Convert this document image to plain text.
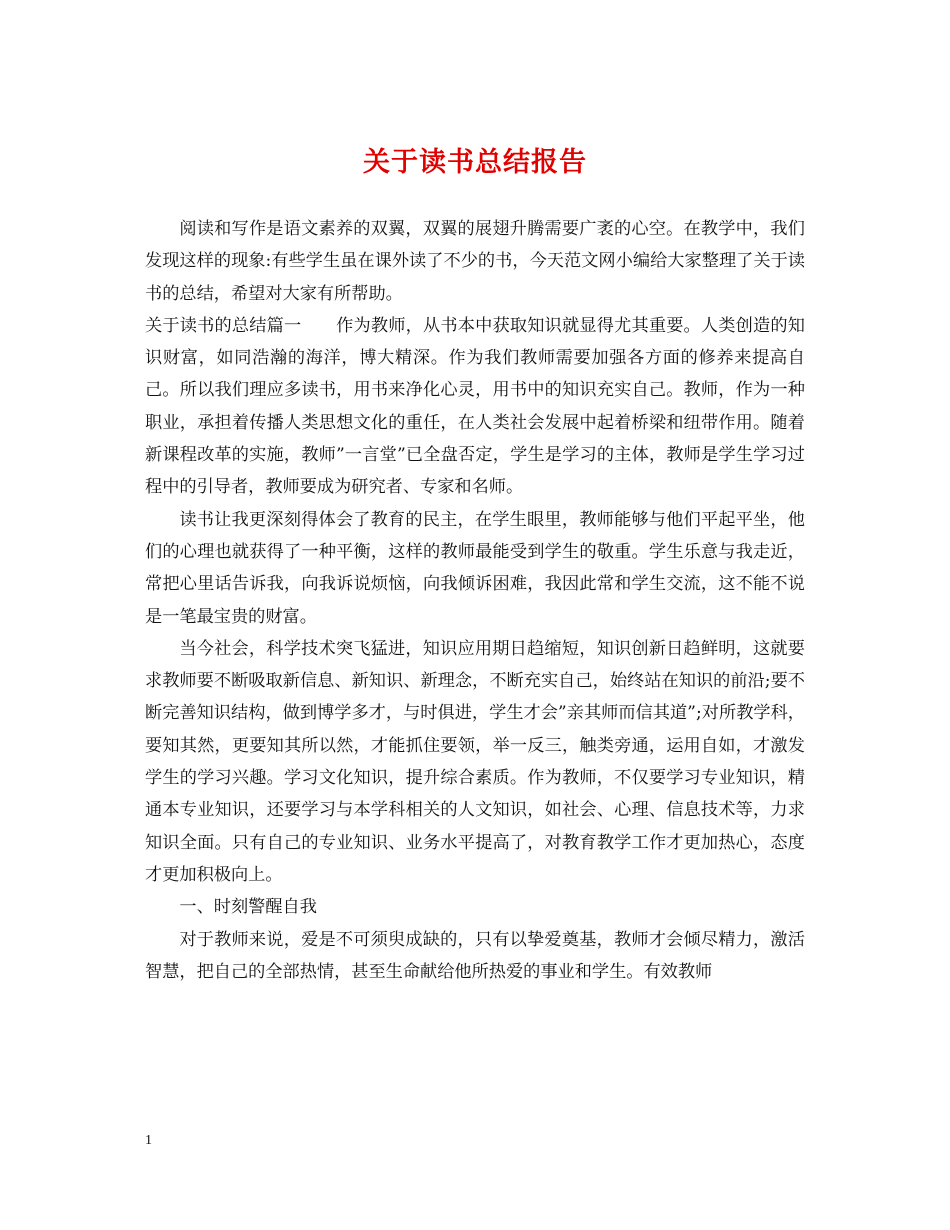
关于读书总结报告

阅读和写作是语文素养的双翼，双翼的展翅升腾需要广袤的心空。在教学中，我们发现这样的现象:有些学生虽在课外读了不少的书，今天范文网小编给大家整理了关于读书的总结，希望对大家有所帮助。

关于读书的总结篇一　　作为教师，从书本中获取知识就显得尤其重要。人类创造的知识财富，如同浩瀚的海洋，博大精深。作为我们教师需要加强各方面的修养来提高自己。所以我们理应多读书，用书来净化心灵，用书中的知识充实自己。教师，作为一种职业，承担着传播人类思想文化的重任，在人类社会发展中起着桥梁和纽带作用。随着新课程改革的实施，教师”一言堂”已全盘否定，学生是学习的主体，教师是学生学习过程中的引导者，教师要成为研究者、专家和名师。

读书让我更深刻得体会了教育的民主，在学生眼里，教师能够与他们平起平坐，他们的心理也就获得了一种平衡，这样的教师最能受到学生的敬重。学生乐意与我走近，常把心里话告诉我，向我诉说烦恼，向我倾诉困难，我因此常和学生交流，这不能不说是一笔最宝贵的财富。

当今社会，科学技术突飞猛进，知识应用期日趋缩短，知识创新日趋鲜明，这就要求教师要不断吸取新信息、新知识、新理念，不断充实自己，始终站在知识的前沿;要不断完善知识结构，做到博学多才，与时俱进，学生才会”亲其师而信其道”;对所教学科，要知其然，更要知其所以然，才能抓住要领，举一反三，触类旁通，运用自如，才激发学生的学习兴趣。学习文化知识，提升综合素质。作为教师，不仅要学习专业知识，精通本专业知识，还要学习与本学科相关的人文知识，如社会、心理、信息技术等，力求知识全面。只有自己的专业知识、业务水平提高了，对教育教学工作才更加热心，态度才更加积极向上。

一、时刻警醒自我

对于教师来说，爱是不可须臾成缺的，只有以挚爱奠基，教师才会倾尽精力，激活智慧，把自己的全部热情，甚至生命献给他所热爱的事业和学生。有效教师

1
